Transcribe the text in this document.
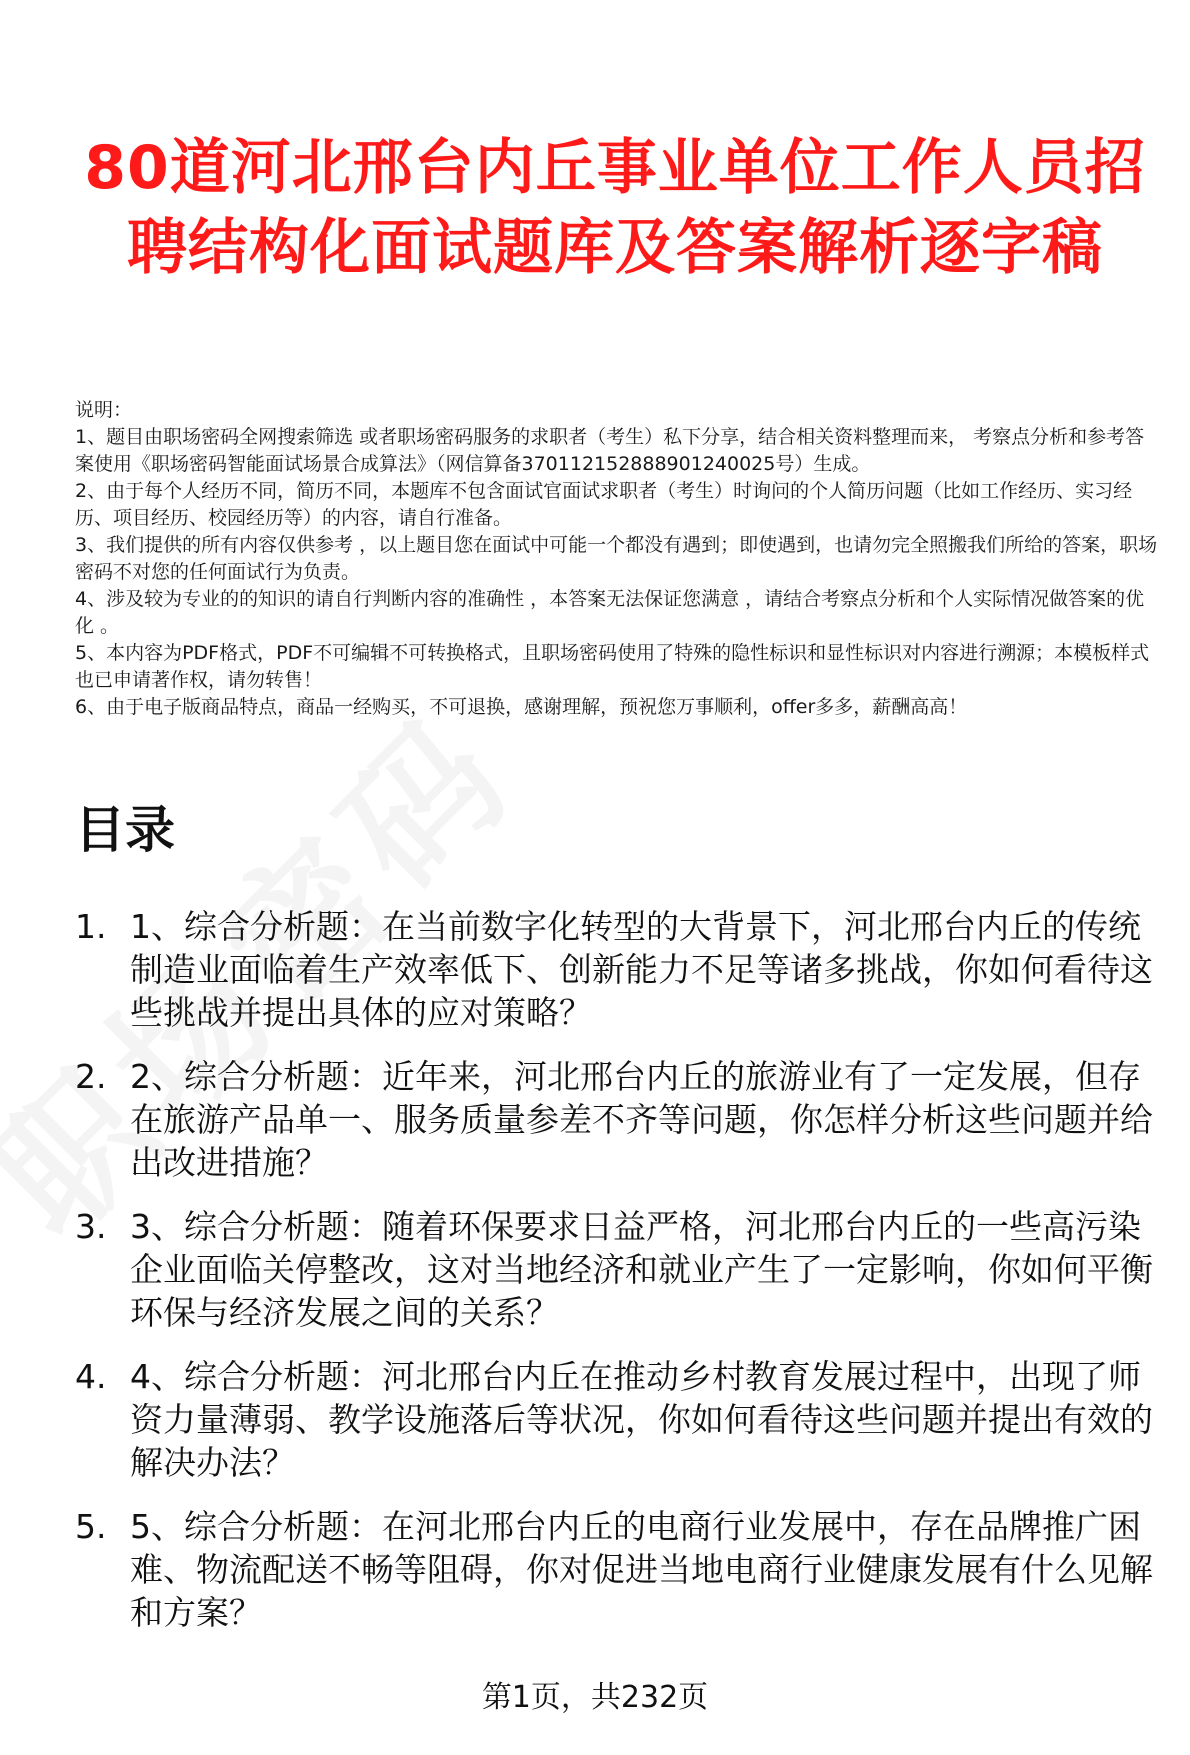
80道河北邢台内丘事业单位工作人员招聘结构化面试题库及答案解析逐字稿

说明：

1、题目由职场密码全网搜索筛选 或者职场密码服务的求职者（考生）私下分享，结合相关资料整理而来， 考察点分析和参考答案使用《职场密码智能面试场景合成算法》（网信算备370112152888901240025号）生成。

2、由于每个人经历不同，简历不同，本题库不包含面试官面试求职者（考生）时询问的个人简历问题（比如工作经历、实习经历、项目经历、校园经历等）的内容，请自行准备。

3、我们提供的所有内容仅供参考 ，以上题目您在面试中可能一个都没有遇到；即使遇到，也请勿完全照搬我们所给的答案，职场密码不对您的任何面试行为负责。

4、涉及较为专业的的知识的请自行判断内容的准确性 ，本答案无法保证您满意 ，请结合考察点分析和个人实际情况做答案的优化 。

5、本内容为PDF格式，PDF不可编辑不可转换格式，且职场密码使用了特殊的隐性标识和显性标识对内容进行溯源；本模板样式也已申请著作权，请勿转售！

6、由于电子版商品特点，商品一经购买，不可退换，感谢理解，预祝您万事顺利，offer多多，薪酬高高！

目录
1. 1、综合分析题：在当前数字化转型的大背景下，河北邢台内丘的传统制造业面临着生产效率低下、创新能力不足等诸多挑战，你如何看待这些挑战并提出具体的应对策略？
2. 2、综合分析题：近年来，河北邢台内丘的旅游业有了一定发展，但存在旅游产品单一、服务质量参差不齐等问题，你怎样分析这些问题并给出改进措施？
3. 3、综合分析题：随着环保要求日益严格，河北邢台内丘的一些高污染企业面临关停整改，这对当地经济和就业产生了一定影响，你如何平衡环保与经济发展之间的关系？
4. 4、综合分析题：河北邢台内丘在推动乡村教育发展过程中，出现了师资力量薄弱、教学设施落后等状况，你如何看待这些问题并提出有效的解决办法？
5. 5、综合分析题：在河北邢台内丘的电商行业发展中，存在品牌推广困难、物流配送不畅等阻碍，你对促进当地电商行业健康发展有什么见解和方案？
第1页，共232页
